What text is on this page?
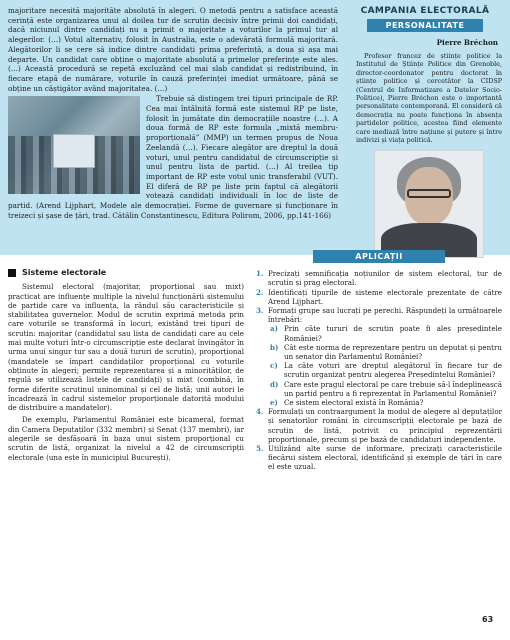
majoritare necesită majorităte absolută în alegeri. O metodă pentru a satisface această cerință este organizarea unui al doilea tur de scrutin decisiv între primii doi candidați, dacă niciunul dintre candidați nu a primit o majoritate a voturilor la primul tur al alegerilor. (…) Votul alternativ, folosit în Australia, este o adevărată formulă majoritară. Alegătorilor li se cere să indice dintre candidați prima preferință, a doua și așa mai departe. Un candidat care obține o majoritate absolută a primelor preferințe este ales. (…) Această procedură se repetă excluzând cel mai slab candidat și redistribuind, în fiecare etapă de numărare, voturile în cauză preferinței imediat următoare, până se obține un câștigător având majoritatea. (…)

Trebuie să distingem trei tipuri principale de RP. Cea mai întâlnită formă este sistemul RP pe liste, folosit în jumătate din democrațiile noastre (…). A doua formă de RP este formula „mixtă membru-proporțională” (MMP) un termen propus de Noua Zeelandă (…). Fiecare alegător are dreptul la două voturi, unul pentru candidatul de circumscripție și unul pentru lista de partid. (…) Al treilea tip important de RP este votul unic transferabil (VUT). El diferă de RP pe liste prin faptul că alegătorii votează candidați individuali în loc de liste de partid. (Arend Lijphart, Modele ale democrației. Forme de guvernare și funcționare în treizeci și șase de țări, trad. Cătălin Constantinescu, Editura Polirom, 2006, pp.141-166)

CAMPANIA ELECTORALĂ
PERSONALITATE
Pierre Bréchon
Profesor francez de științe politice la Institutul de Științe Politice din Grenoble, director-coordonator pentru doctorat în științe politice și cercetător la CIDSP (Centrul de Informatizare a Datelor Socio-Politice), Pierre Bréchon este o importantă personalitate contemporană. El consideră că democrația nu poate funcționa în absența partidelor politice, acestea fiind elemente care mediază între națiune și putere și între indivizi și viața politică.
Sisteme electorale

Sistemul electoral (majoritar, proporțional sau mixt) practicat are influențe multiple la nivelul funcționării sistemului de partide care va influența, la rândul său caracteristicile și stabilitatea guvernelor. Modul de scrutin exprimă metoda prin care voturile se transformă în locuri, existând trei tipuri de scrutin: majoritar (candidatul sau lista de candidați care au cele mai multe voturi într-o circumscripție este declarat învingător în urma unui singur tur sau a două tururi de scrutin), proporțional (mandatele se împart candidaților proporțional cu voturile obținute în alegeri; permite reprezentarea și a minorităților, de regulă se utilizează listele de candidați) și mixt (combină, în forme diferite scrutinul uninominal și cel de listă; unii autori le încadrează în cadrul sistemelor proporționale datorită modului de distribuire a mandatelor).

De exemplu, Parlamentul României este bicameral, format din Camera Deputaților (332 membri) și Senat (137 membri), iar alegerile se desfășoară în baza unui sistem proporțional cu scrutin de listă, organizat la nivelul a 42 de circumscripții electorale (una este în municipiul București).

APLICAȚII
1. Precizați semnificația noțiunilor de sistem electoral, tur de scrutin și prag electoral.
2. Identificați tipurile de sisteme electorale prezentate de către Arend Lijphart.
3. Formați grupe sau lucrați pe perechi. Răspundeți la următoarele întrebări:
a) Prin câte tururi de scrutin poate fi ales președintele României?
b) Cât este norma de reprezentare pentru un deputat și pentru un senator din Parlamentul României?
c) La câte voturi are dreptul alegătorul în fiecare tur de scrutin organizat pentru alegerea Președintelui României?
d) Care este pragul electoral pe care trebuie să-l îndeplinească un partid pentru a fi reprezentat în Parlamentul României?
e) Ce sistem electoral există în România?
4. Formulați un contraargument la modul de alegere al deputaților și senatorilor români în circumscripții electorale pe bază de scrutin de listă, potrivit cu principiul reprezentării proporționale, precum și pe bază de candidaturi independente.
5. Utilizând alte surse de informare, precizați caracteristicile fiecărui sistem electoral, identificând și exemple de țări în care el este uzual.
63
